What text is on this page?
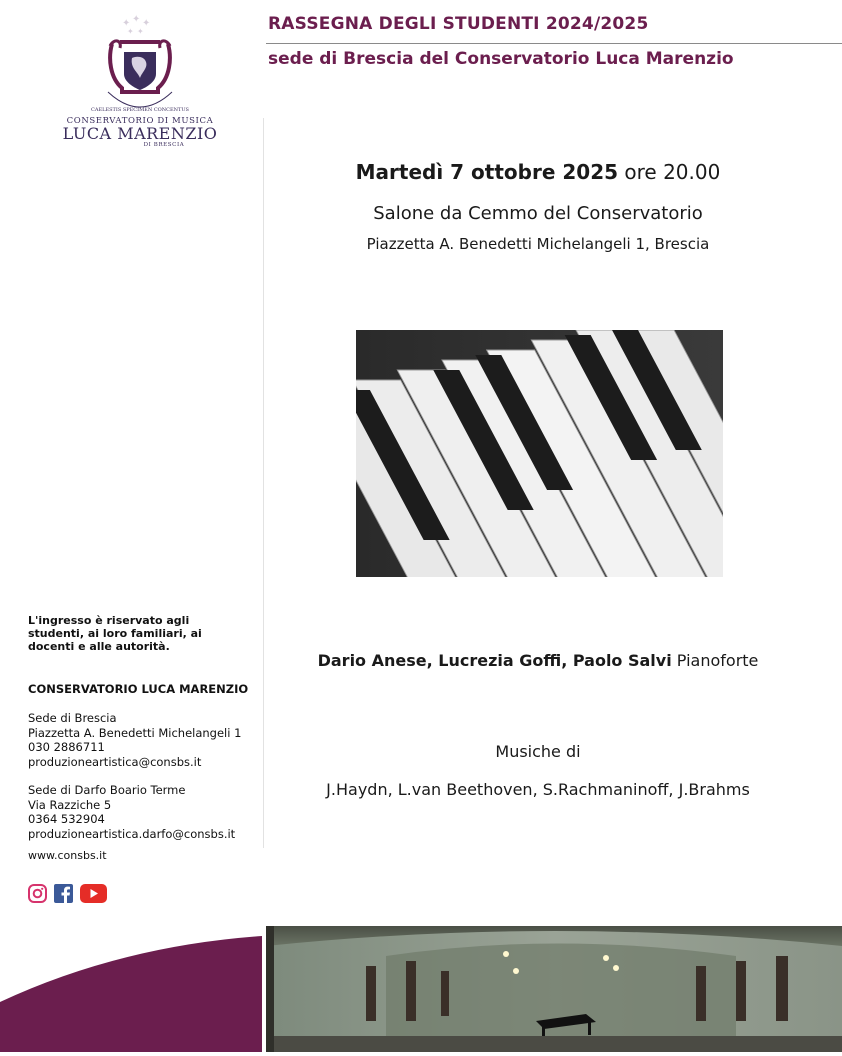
RASSEGNA DEGLI STUDENTI 2024/2025
sede di Brescia del Conservatorio Luca Marenzio
✦ ✦ ✦
✦ ✦
CAELESTIS SPECIMEN CONCENTUS
CONSERVATORIO DI MUSICA
LUCA MARENZIO
DI BRESCIA
Martedì 7 ottobre 2025 ore 20.00
Salone da Cemmo del Conservatorio
Piazzetta A. Benedetti Michelangeli 1, Brescia
Dario Anese, Lucrezia Goffi, Paolo Salvi Pianoforte
Musiche di
J.Haydn, L.van Beethoven, S.Rachmaninoff, J.Brahms
L'ingresso è riservato agli studenti, ai loro familiari, ai docenti e alle autorità.
CONSERVATORIO LUCA MARENZIO
Sede di Brescia
Piazzetta A. Benedetti Michelangeli 1
030 2886711
produzioneartistica@consbs.it
Sede di Darfo Boario Terme
Via Razziche 5
0364 532904
produzioneartistica.darfo@consbs.it
www.consbs.it
